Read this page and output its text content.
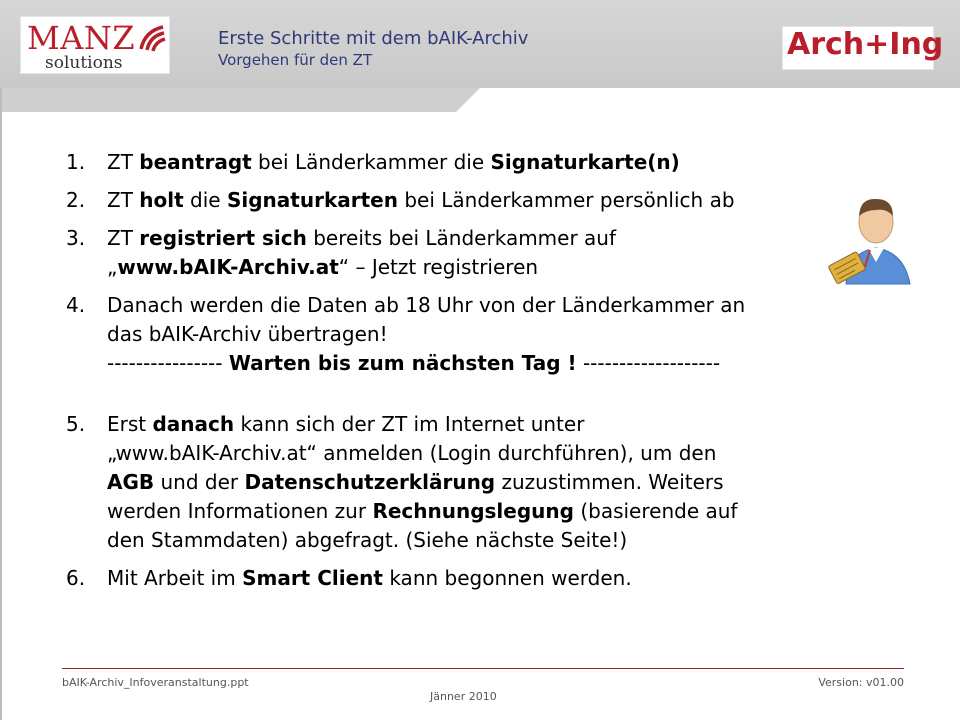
MANZ
solutions
Erste Schritte mit dem bAIK-Archiv
Vorgehen für den ZT	Arch+Ing
1. ZT beantragt bei Länderkammer die Signaturkarte(n)
2. ZT holt die Signaturkarten bei Länderkammer persönlich ab
3. ZT registriert sich bereits bei Länderkammer auf
„www.bAIK-Archiv.at“ – Jetzt registrieren
4. Danach werden die Daten ab 18 Uhr von der Länderkammer an
das bAIK-Archiv übertragen!
---------------- Warten bis zum nächsten Tag ! -------------------
5. Erst danach kann sich der ZT im Internet unter
„www.bAIK-Archiv.at“ anmelden (Login durchführen), um den
AGB und der Datenschutzerklärung zuzustimmen. Weiters
werden Informationen zur Rechnungslegung (basierende auf
den Stammdaten) abgefragt. (Siehe nächste Seite!)
6. Mit Arbeit im Smart Client kann begonnen werden.
bAIK-Archiv_Infoveranstaltung.ppt	Version: v01.00
Jänner 2010
